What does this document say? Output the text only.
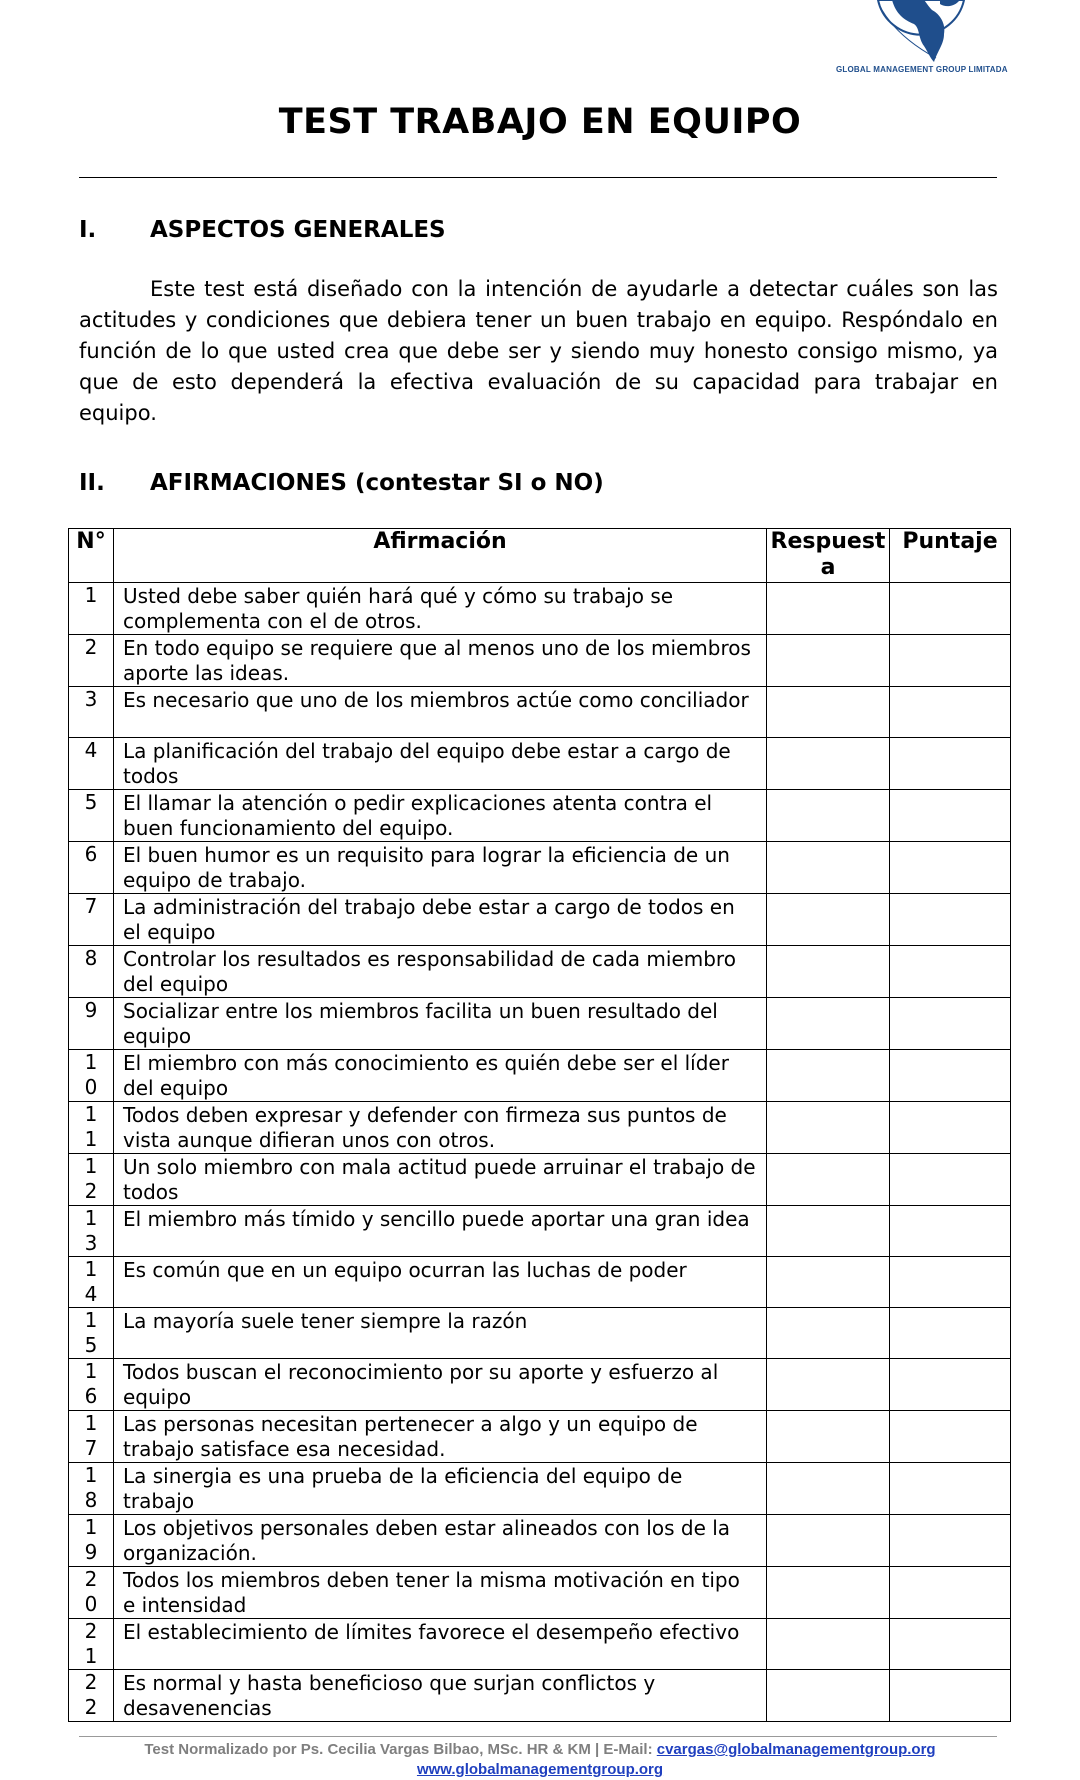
GLOBAL MANAGEMENT GROUP LIMITADA
TEST TRABAJO EN EQUIPO
I. ASPECTOS GENERALES
Este test está diseñado con la intención de ayudarle a detectar cuáles son las actitudes y condiciones que debiera tener un buen trabajo en equipo. Respóndalo en función de lo que usted crea que debe ser y siendo muy honesto consigo mismo, ya que de esto dependerá la efectiva evaluación de su capacidad para trabajar en equipo.
II. AFIRMACIONES (contestar SI o NO)
N°	Afirmación	Respuesta	Puntaje
1	Usted debe saber quién hará qué y cómo su trabajo se complementa con el de otros.		
2	En todo equipo se requiere que al menos uno de los miembros aporte las ideas.		
3	Es necesario que uno de los miembros actúe como conciliador		
4	La planificación del trabajo del equipo debe estar a cargo de todos		
5	El llamar la atención o pedir explicaciones atenta contra el buen funcionamiento del equipo.		
6	El buen humor es un requisito para lograr la eficiencia de un equipo de trabajo.		
7	La administración del trabajo debe estar a cargo de todos en el equipo		
8	Controlar los resultados es responsabilidad de cada miembro del equipo		
9	Socializar entre los miembros facilita un buen resultado del equipo		
10	El miembro con más conocimiento es quién debe ser el líder del equipo		
11	Todos deben expresar y defender con firmeza sus puntos de vista aunque difieran unos con otros.		
12	Un solo miembro con mala actitud puede arruinar el trabajo de todos		
13	El miembro más tímido y sencillo puede aportar una gran idea		
14	Es común que en un equipo ocurran las luchas de poder		
15	La mayoría suele tener siempre la razón		
16	Todos buscan el reconocimiento por su aporte y esfuerzo al equipo		
17	Las personas necesitan pertenecer a algo y un equipo de trabajo satisface esa necesidad.		
18	La sinergia es una prueba de la eficiencia del equipo de trabajo		
19	Los objetivos personales deben estar alineados con los de la organización.		
20	Todos los miembros deben tener la misma motivación en tipo e intensidad		
21	El establecimiento de límites favorece el desempeño efectivo		
22	Es normal y hasta beneficioso que surjan conflictos y desavenencias		
Test Normalizado por Ps. Cecilia Vargas Bilbao, MSc. HR & KM | E-Mail: cvargas@globalmanagementgroup.org
www.globalmanagementgroup.org
